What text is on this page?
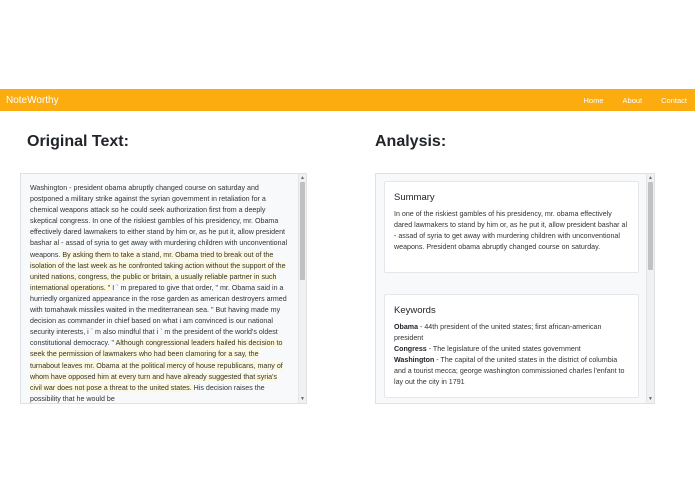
NoteWorthy	Home	About	Contact
Original Text:	Analysis:
Washington - president obama abruptly changed course on saturday and postponed a military strike against the syrian government in retaliation for a chemical weapons attack so he could seek authorization first from a deeply skeptical congress. In one of the riskiest gambles of his presidency, mr. Obama effectively dared lawmakers to either stand by him or, as he put it, allow president bashar al - assad of syria to get away with murdering children with unconventional weapons. By asking them to take a stand, mr. Obama tried to break out of the isolation of the last week as he confronted taking action without the support of the united nations, congress, the public or britain, a usually reliable partner in such international operations. " I ` m prepared to give that order, " mr. Obama said in a hurriedly organized appearance in the rose garden as american destroyers armed with tomahawk missiles waited in the mediterranean sea. " But having made my decision as commander in chief based on what i am convinced is our national security interests, i ` m also mindful that i ` m the president of the world's oldest constitutional democracy. " Although congressional leaders hailed his decision to seek the permission of lawmakers who had been clamoring for a say, the turnabout leaves mr. Obama at the political mercy of house republicans, many of whom have opposed him at every turn and have already suggested that syria's civil war does not pose a threat to the united states. His decision raises the possibility that he would be
▲
▼
Summary
In one of the riskiest gambles of his presidency, mr. obama effectively dared lawmakers to stand by him or, as he put it, allow president bashar al - assad of syria to get away with murdering children with unconventional weapons. President obama abruptly changed course on saturday.
Keywords
Obama - 44th president of the united states; first african-american president
Congress - The legislature of the united states government
Washington - The capital of the united states in the district of columbia and a tourist mecca; george washington commissioned charles l'enfant to lay out the city in 1791
▲
▼
